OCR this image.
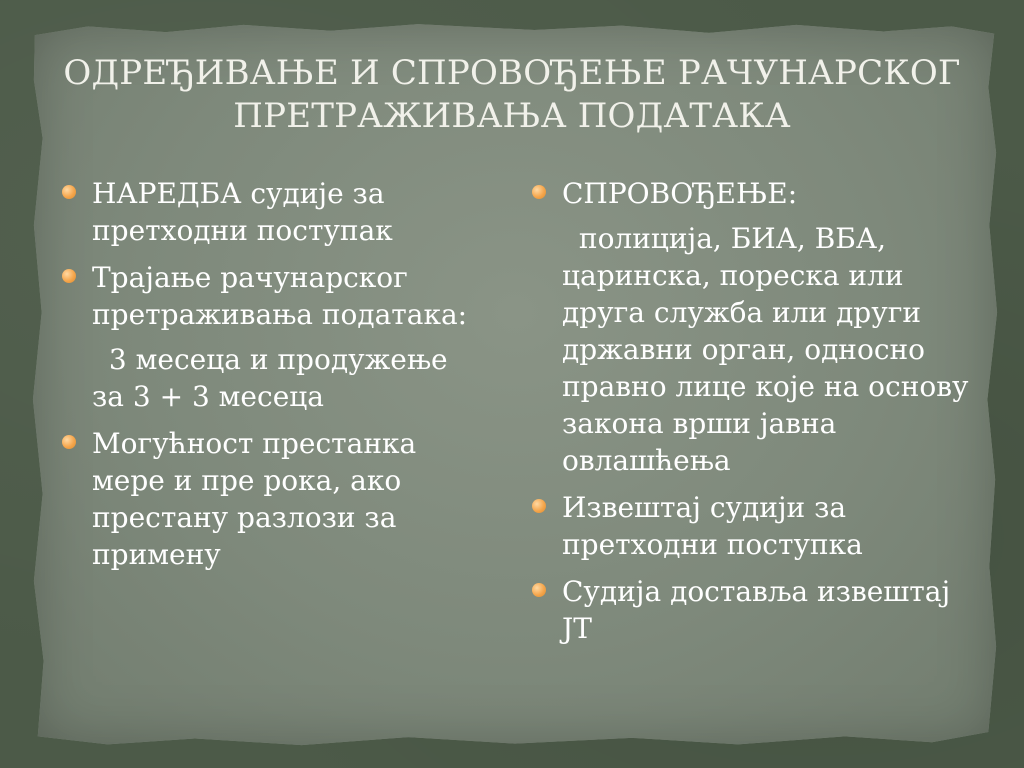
ОДРЕЂИВАЊЕ И СПРОВОЂЕЊЕ РАЧУНАРСКОГ
ПРЕТРАЖИВАЊА ПОДАТАКА
НАРЕДБА судије за претходни поступак
Трајање рачунарског претраживања података:
3 месеца и продужење за 3 + 3 месеца
Могућност престанка мере и пре рока, ако престану разлози за примену
СПРОВОЂЕЊЕ:
полиција, БИА, ВБА, царинска, пореска или друга служба или други државни орган, односно правно лице које на основу закона врши јавна овлашћења
Извештај судији за претходни поступка
Судија доставља извештај ЈТ
